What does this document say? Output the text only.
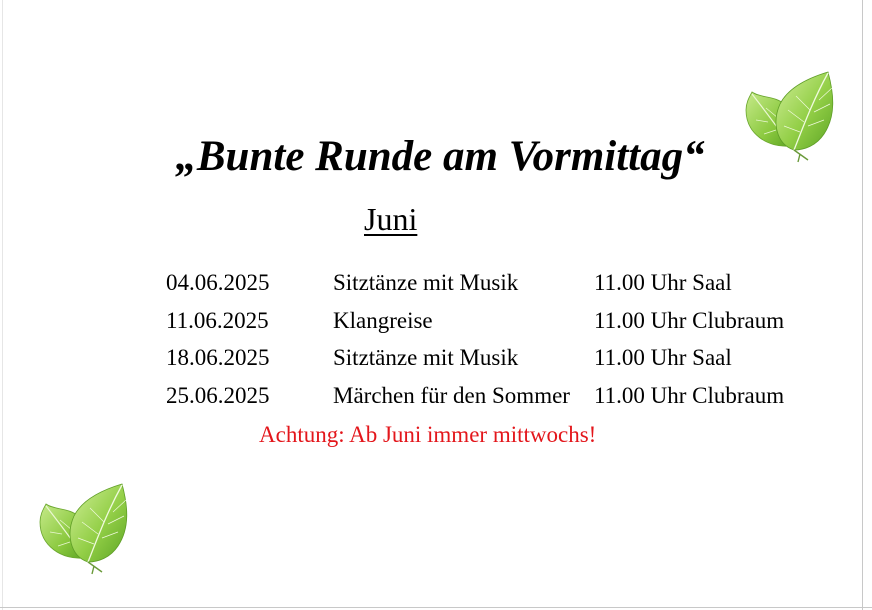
„Bunte Runde am Vormittag“
Juni
04.06.2025	Sitztänze mit Musik	11.00 Uhr Saal
11.06.2025	Klangreise	11.00 Uhr Clubraum
18.06.2025	Sitztänze mit Musik	11.00 Uhr Saal
25.06.2025	Märchen für den Sommer 11.00 Uhr Clubraum
Achtung: Ab Juni immer mittwochs!
